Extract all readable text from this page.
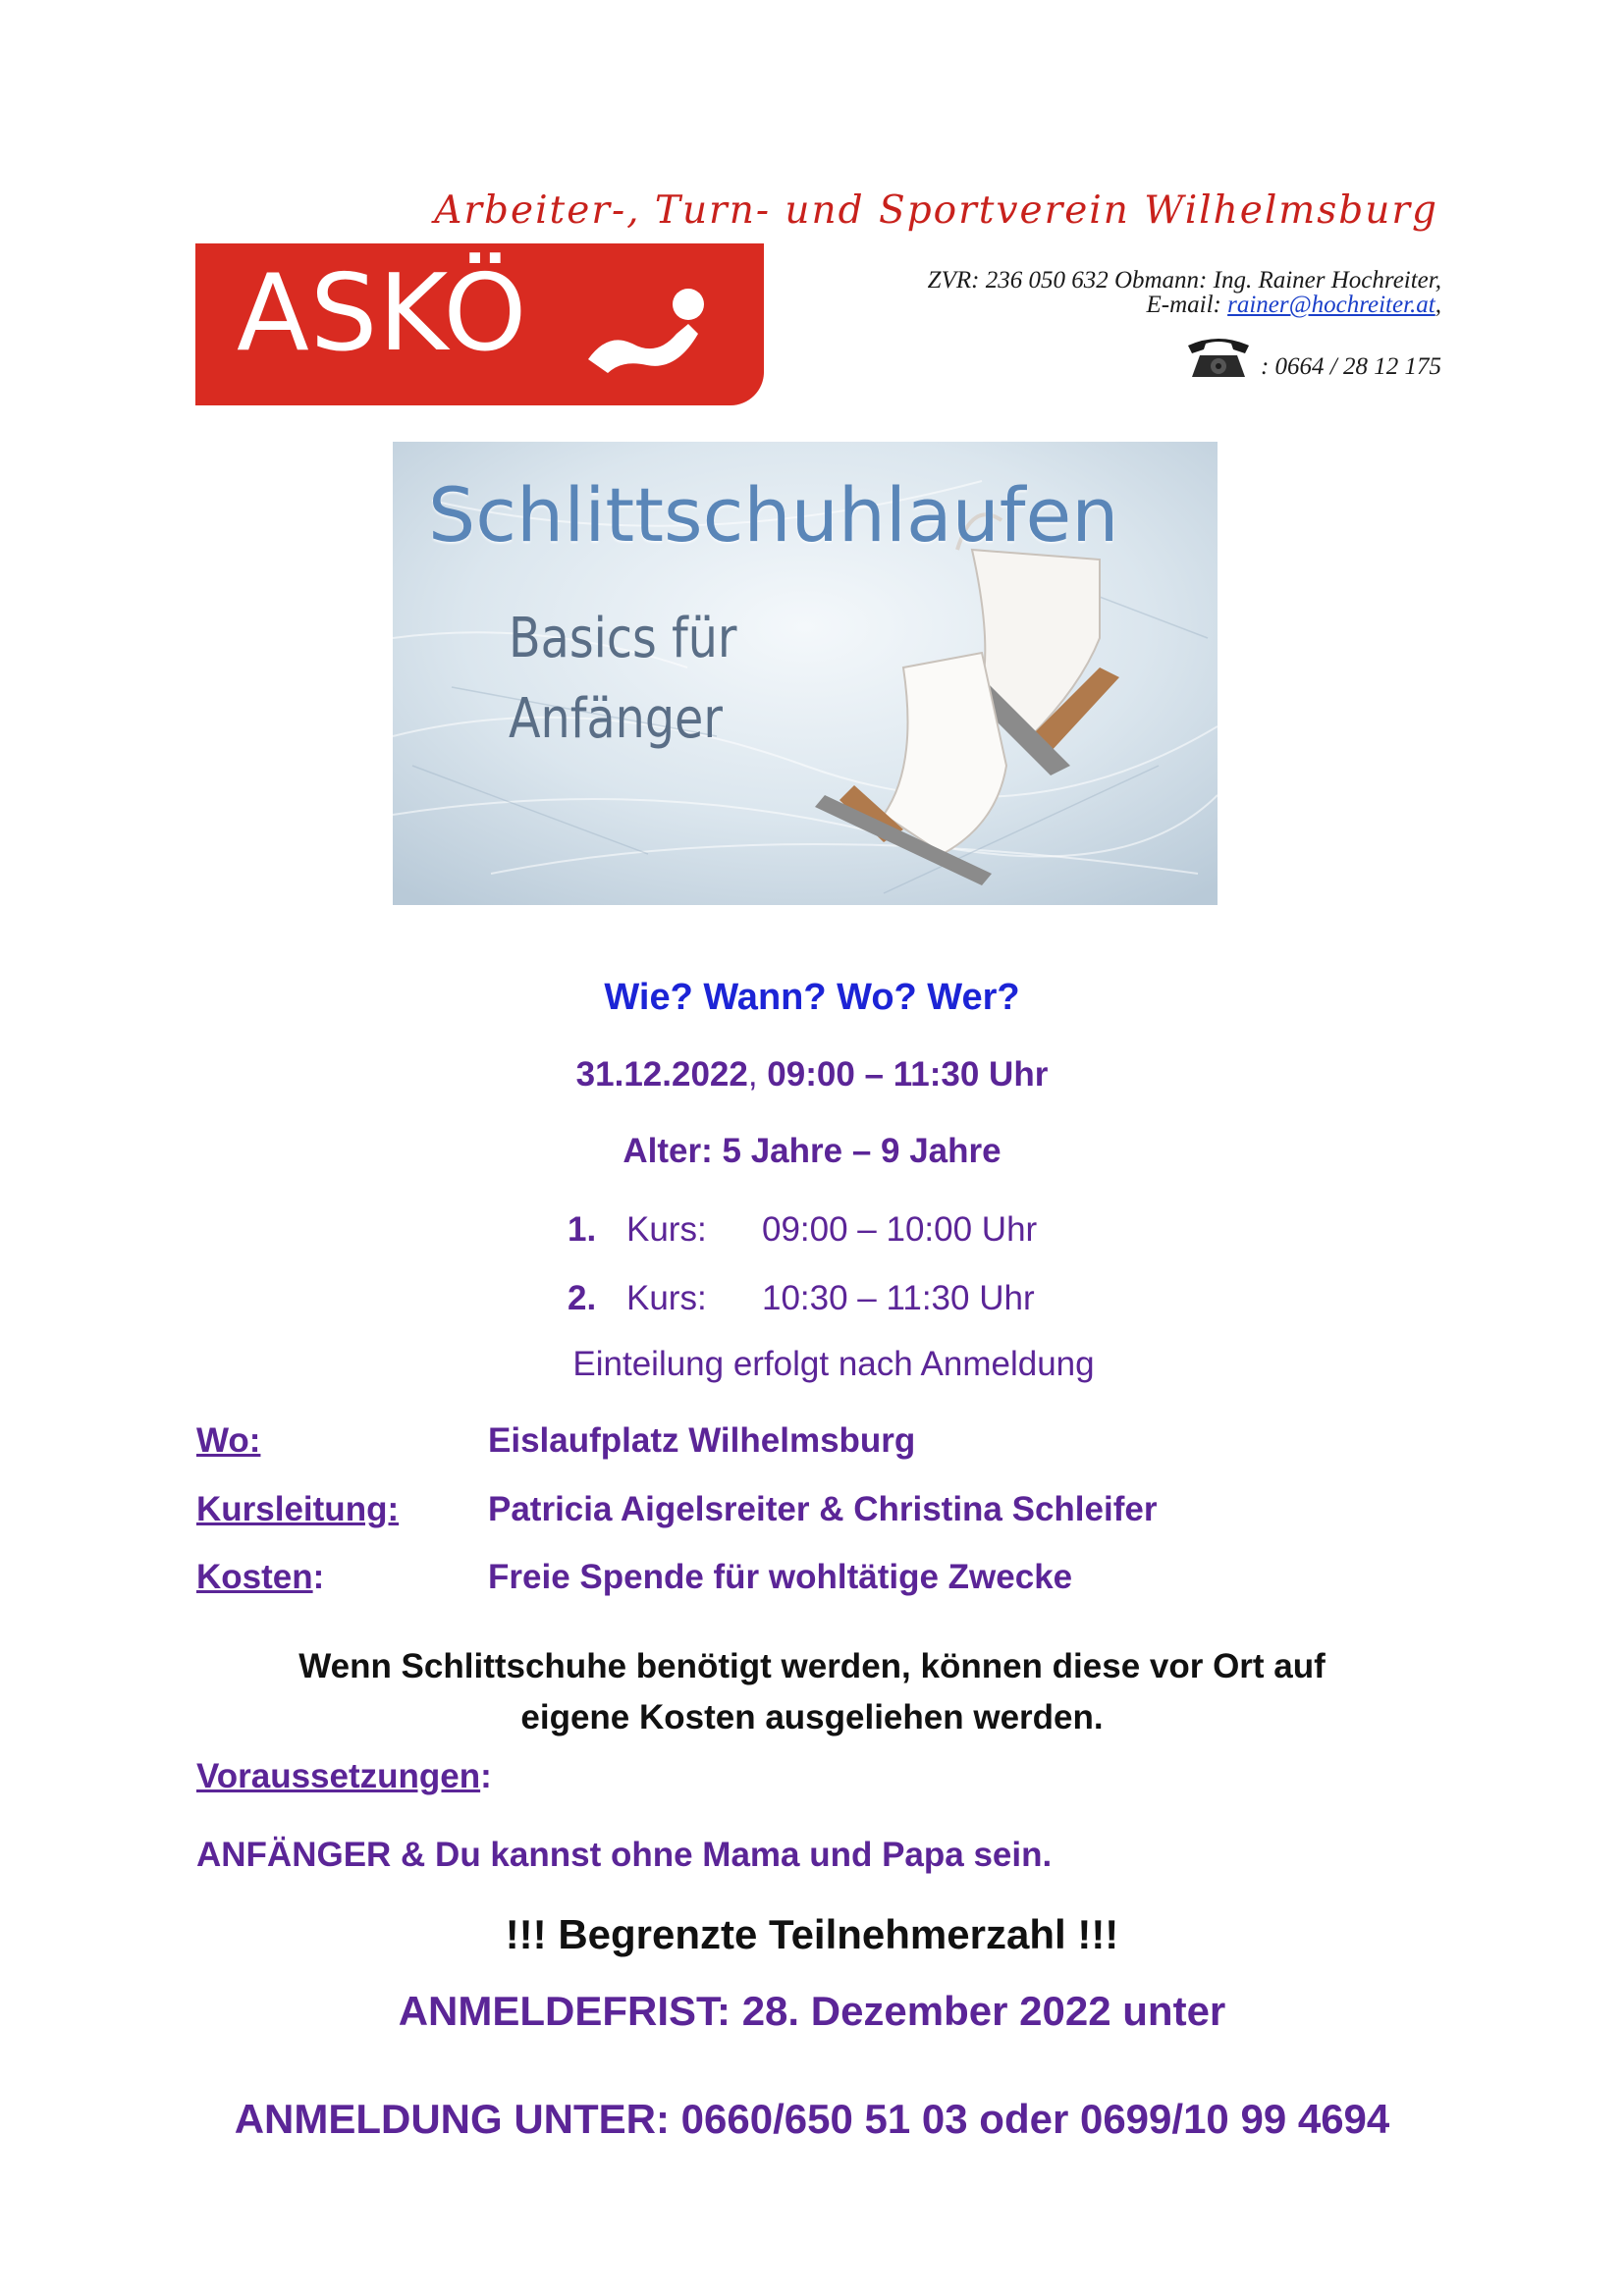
Arbeiter-, Turn- und Sportverein Wilhelmsburg
ASKÖ	ZVR: 236 050 632 Obmann: Ing. Rainer Hochreiter,
E-mail: rainer@hochreiter.at,
: 0664 / 28 12 175
Schlittschuhlaufen
Basics für
Anfänger
Wie? Wann? Wo? Wer?
31.12.2022, 09:00 – 11:30 Uhr
Alter: 5 Jahre – 9 Jahre
1. Kurs: 09:00 – 10:00 Uhr
2. Kurs: 10:30 – 11:30 Uhr
Einteilung erfolgt nach Anmeldung
Wo:	Eislaufplatz Wilhelmsburg
Kursleitung:	Patricia Aigelsreiter & Christina Schleifer
Kosten:	Freie Spende für wohltätige Zwecke
Wenn Schlittschuhe benötigt werden, können diese vor Ort auf
eigene Kosten ausgeliehen werden.
Voraussetzungen:
ANFÄNGER & Du kannst ohne Mama und Papa sein.
!!! Begrenzte Teilnehmerzahl !!!
ANMELDEFRIST: 28. Dezember 2022 unter
ANMELDUNG UNTER: 0660/650 51 03 oder 0699/10 99 4694
